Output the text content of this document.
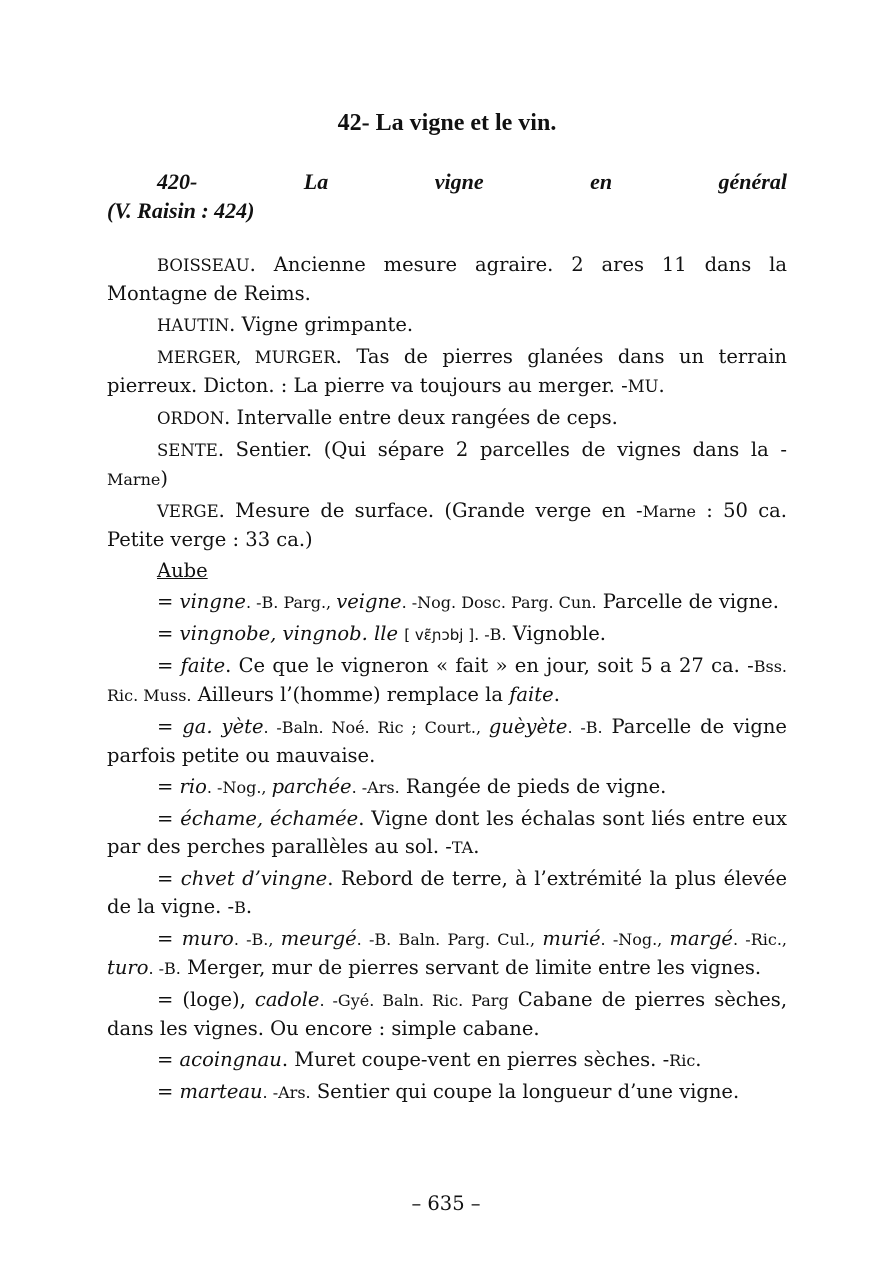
42- La vigne et le vin.
420-	La	vigne	en	général
(V. Raisin : 424)

BOISSEAU. Ancienne mesure agraire. 2 ares 11 dans la Montagne de Reims.

HAUTIN. Vigne grimpante.

MERGER, MURGER. Tas de pierres glanées dans un terrain pierreux. Dicton. : La pierre va toujours au merger. -MU.

ORDON. Intervalle entre deux rangées de ceps.

SENTE. Sentier. (Qui sépare 2 parcelles de vignes dans la -Marne)

VERGE. Mesure de surface. (Grande verge en -Marne : 50 ca. Petite verge : 33 ca.)

Aube

= vingne. -B. Parg., veigne. -Nog. Dosc. Parg. Cun. Parcelle de vigne.

= vingnobe, vingnob. lle [ vɛ̃ɲɔbj ]. -B. Vignoble.

= faite. Ce que le vigneron « fait » en jour, soit 5 a 27 ca. -Bss. Ric. Muss. Ailleurs l’(homme) remplace la faite.

= ga. yète. -Baln. Noé. Ric ; Court., guèyète. -B. Parcelle de vigne parfois petite ou mauvaise.

= rio. -Nog., parchée. -Ars. Rangée de pieds de vigne.

= échame, échamée. Vigne dont les échalas sont liés entre eux par des perches parallèles au sol. -TA.

= chvet d’vingne. Rebord de terre, à l’extrémité la plus élevée de la vigne. -B.

= muro. -B., meurgé. -B. Baln. Parg. Cul., murié. -Nog., margé. -Ric., turo. -B. Merger, mur de pierres servant de limite entre les vignes.

= (loge), cadole. -Gyé. Baln. Ric. Parg Cabane de pierres sèches, dans les vignes. Ou encore : simple cabane.

= acoingnau. Muret coupe-vent en pierres sèches. -Ric.

= marteau. -Ars. Sentier qui coupe la longueur d’une vigne.

– 635 –
